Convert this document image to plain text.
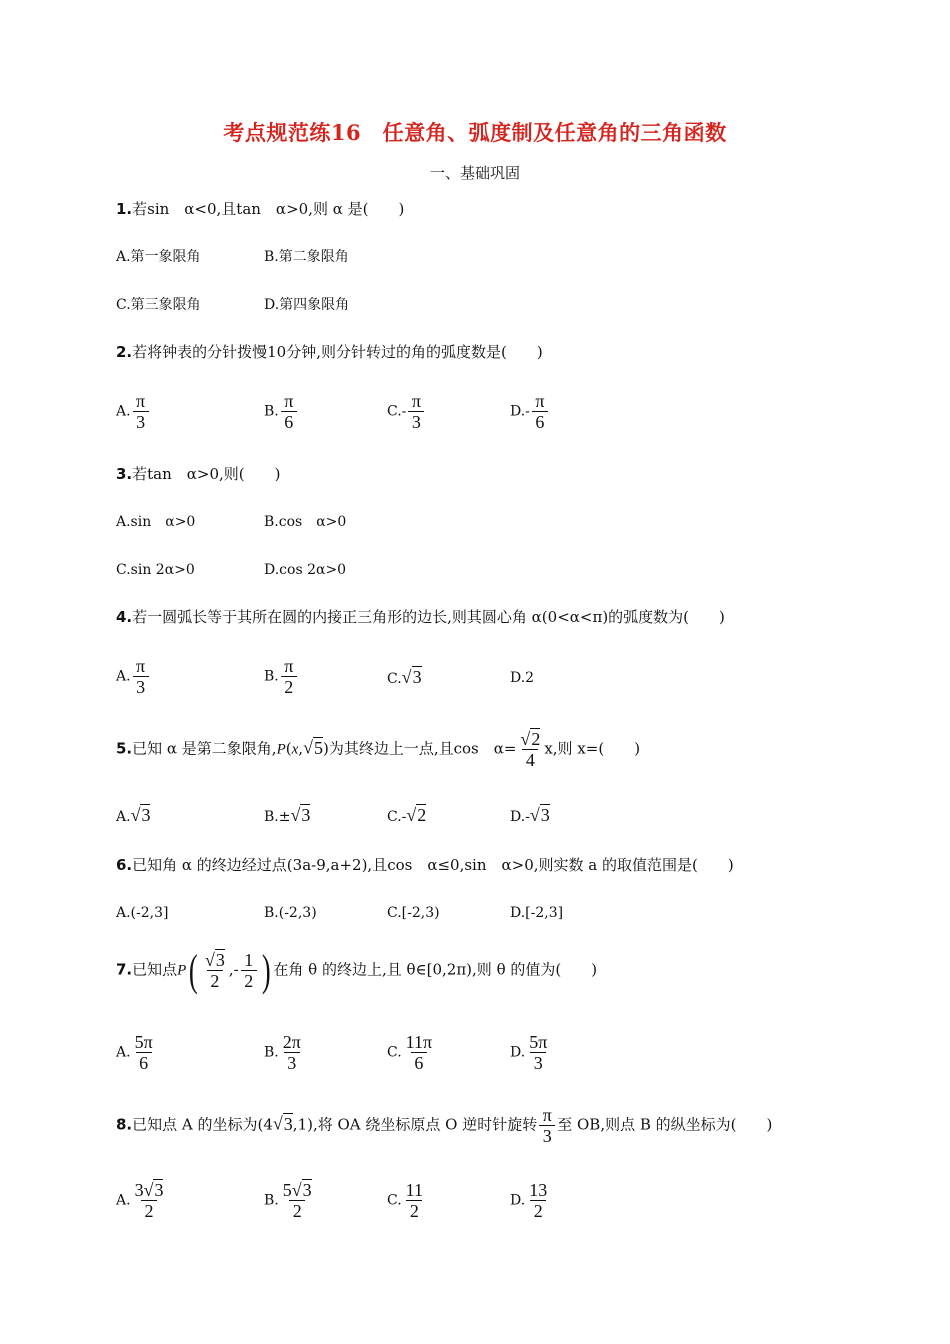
考点规范练16　任意角、弧度制及任意角的三角函数
一、基础巩固
1.若sin　α<0,且tan　α>0,则 α 是(　　)
A.第一象限角	B.第二象限角
C.第三象限角	D.第四象限角
2.若将钟表的分针拨慢10分钟,则分针转过的角的弧度数是(　　)
A. $\frac{\pi}{3}$	B. $\frac{\pi}{6}$	$C.- \frac{\pi}{3}$	$D.- \frac{\pi}{6}$
3.若tan　α>0,则(　　)
A.sin　α>0	B.cos　α>0
C.sin 2α>0	D.cos 2α>0
4.若一圆弧长等于其所在圆的内接正三角形的边长,则其圆心角 α(0<α<π)的弧度数为(　　)
A. $\frac{\pi}{3}$	B. $\frac{\pi}{2}$	C.√3	D.2
5.已知 α 是第二象限角,P(x,√5)为其终边上一点,且cos　$\alpha= \frac{√2}{4} x$,则 x=(　　)
A.√3	B.±√3	C.-√2	D.-√3
6.已知角 α 的终边经过点(3a-9,a+2),且cos　α≤0,sin　α>0,则实数 a 的取值范围是(　　)
A.(-2,3]	B.(-2,3)	C.[-2,3)	D.[-2,3]
7.已知点$P( \frac{√3}{2}$ ,- $\frac{1}{2}$ ) 在角 θ 的终边上,且 θ∈[0,2π),则 θ 的值为(　　)
A. $\frac{5\pi}{6}$	B. $\frac{2\pi}{3}$	C. $\frac{11\pi}{6}$	D. $\frac{5\pi}{3}$
8.已知点 A 的坐标为(4√3,1),将 OA 绕坐标原点 O 逆时针旋转 $\frac{\pi}{3}$ 至 OB,则点 B 的纵坐标为(　　)
A. $\frac{3√3}{2}$	B. $\frac{5√3}{2}$	C. $\frac{11}{2}$	D. $\frac{13}{2}$
